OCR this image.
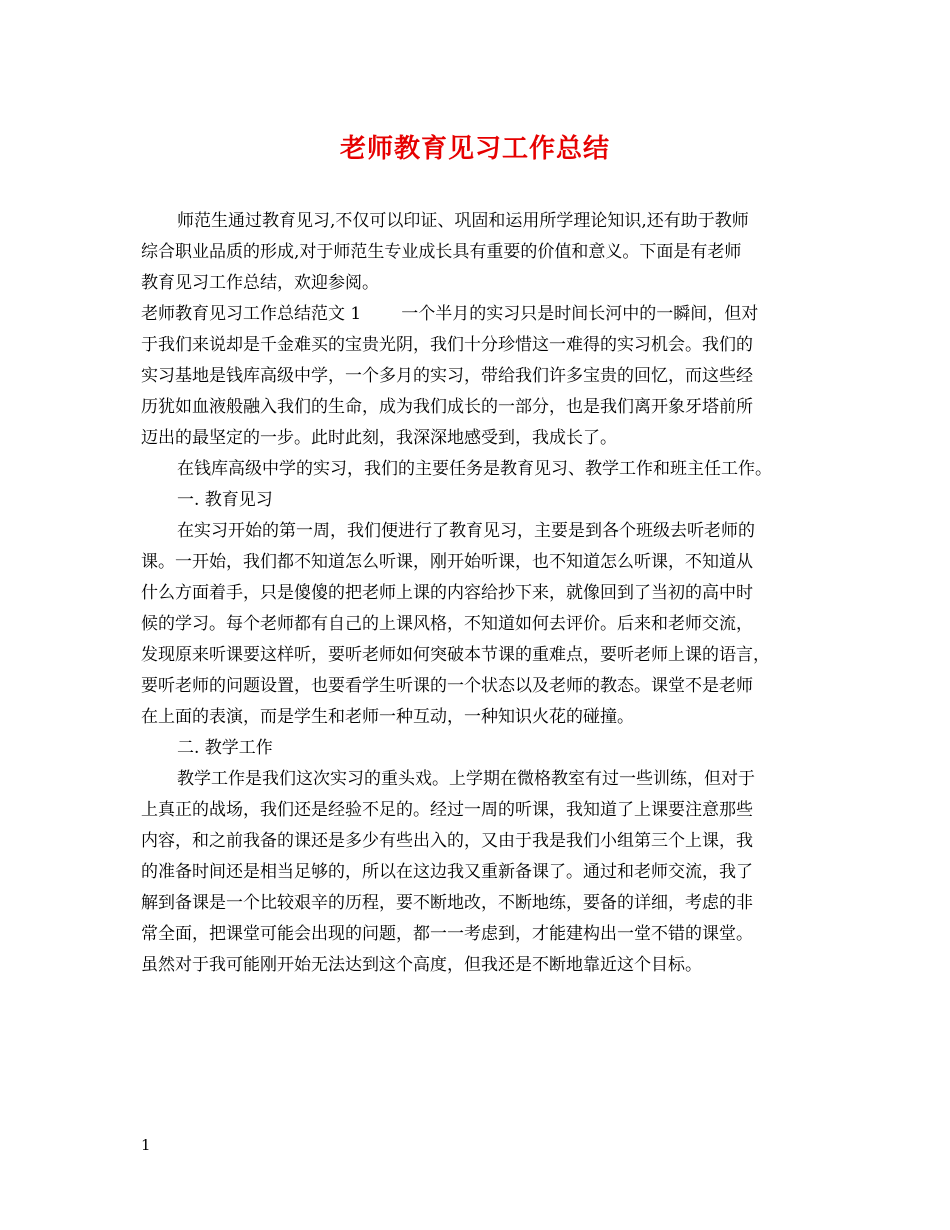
老师教育见习工作总结
师范生通过教育见习,不仅可以印证、巩固和运用所学理论知识,还有助于教师
综合职业品质的形成,对于师范生专业成长具有重要的价值和意义。下面是有老师
教育见习工作总结，欢迎参阅。
老师教育见习工作总结范文 1 一个半月的实习只是时间长河中的一瞬间，但对
于我们来说却是千金难买的宝贵光阴，我们十分珍惜这一难得的实习机会。我们的
实习基地是钱库高级中学，一个多月的实习，带给我们许多宝贵的回忆，而这些经
历犹如血液般融入我们的生命，成为我们成长的一部分，也是我们离开象牙塔前所
迈出的最坚定的一步。此时此刻，我深深地感受到，我成长了。
在钱库高级中学的实习，我们的主要任务是教育见习、教学工作和班主任工作。
一. 教育见习
在实习开始的第一周，我们便进行了教育见习，主要是到各个班级去听老师的
课。一开始，我们都不知道怎么听课，刚开始听课，也不知道怎么听课，不知道从
什么方面着手，只是傻傻的把老师上课的内容给抄下来，就像回到了当初的高中时
候的学习。每个老师都有自己的上课风格，不知道如何去评价。后来和老师交流，
发现原来听课要这样听，要听老师如何突破本节课的重难点，要听老师上课的语言，
要听老师的问题设置，也要看学生听课的一个状态以及老师的教态。课堂不是老师
在上面的表演，而是学生和老师一种互动，一种知识火花的碰撞。
二. 教学工作
教学工作是我们这次实习的重头戏。上学期在微格教室有过一些训练，但对于
上真正的战场，我们还是经验不足的。经过一周的听课，我知道了上课要注意那些
内容，和之前我备的课还是多少有些出入的，又由于我是我们小组第三个上课，我
的准备时间还是相当足够的，所以在这边我又重新备课了。通过和老师交流，我了
解到备课是一个比较艰辛的历程，要不断地改，不断地练，要备的详细，考虑的非
常全面，把课堂可能会出现的问题，都一一考虑到，才能建构出一堂不错的课堂。
虽然对于我可能刚开始无法达到这个高度，但我还是不断地靠近这个目标。
1
